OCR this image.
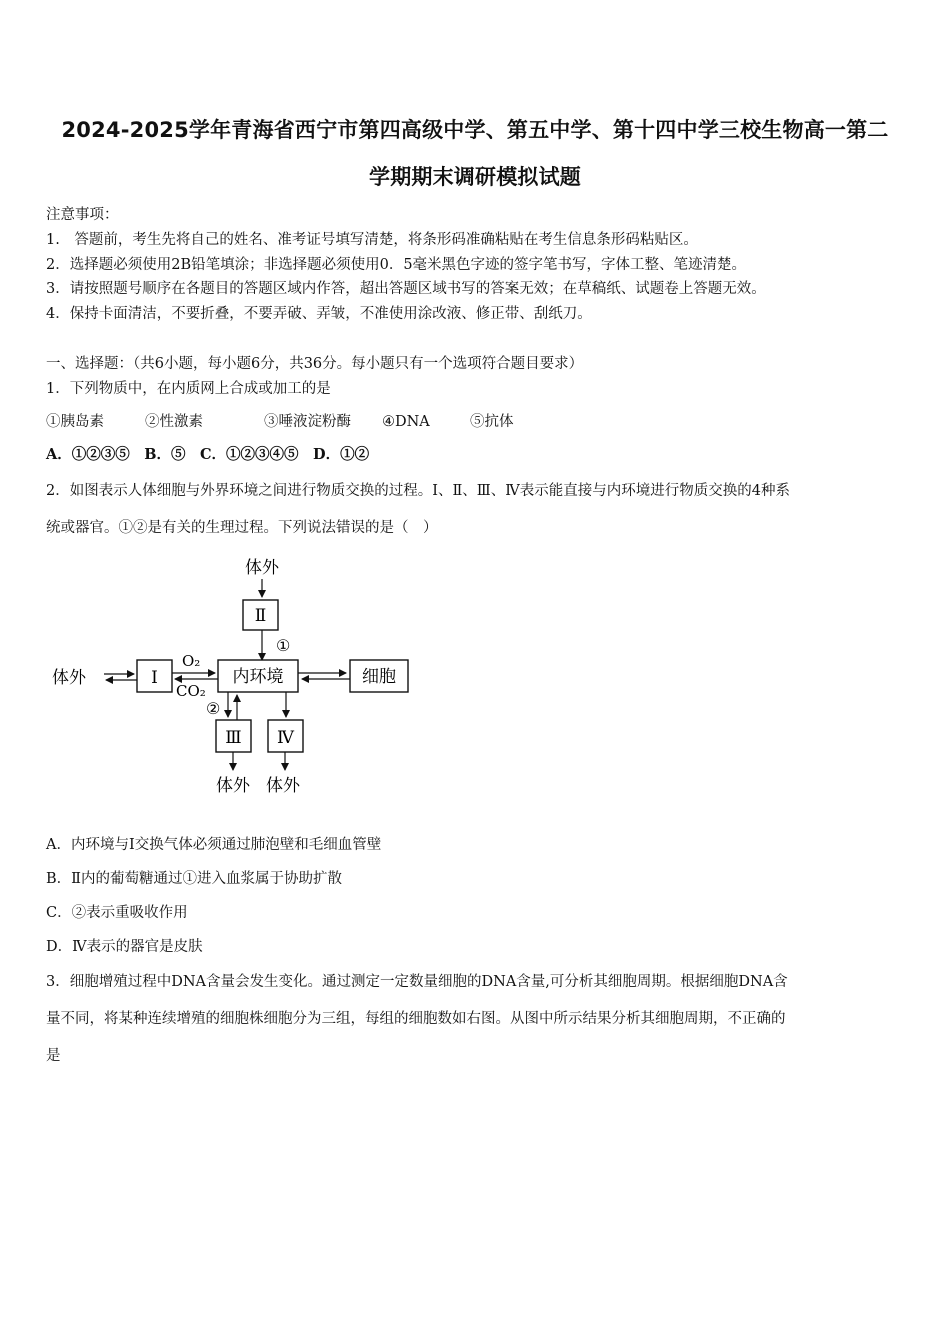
2024-2025学年青海省西宁市第四高级中学、第五中学、第十四中学三校生物高一第二
学期期末调研模拟试题
注意事项：
1.　答题前，考生先将自己的姓名、准考证号填写清楚，将条形码准确粘贴在考生信息条形码粘贴区。
2．选择题必须使用2B铅笔填涂；非选择题必须使用0．5毫米黑色字迹的签字笔书写，字体工整、笔迹清楚。
3．请按照题号顺序在各题目的答题区域内作答，超出答题区域书写的答案无效；在草稿纸、试题卷上答题无效。
4．保持卡面清洁，不要折叠，不要弄破、弄皱，不准使用涂改液、修正带、刮纸刀。
一、选择题：（共6小题，每小题6分，共36分。每小题只有一个选项符合题目要求）
1．下列物质中，在内质网上合成或加工的是
①胰岛素	②性激素	③唾液淀粉酶 ④DNA	⑤抗体
A．①②③⑤　B．⑤　C．①②③④⑤　D．①②
2．如图表示人体细胞与外界环境之间进行物质交换的过程。Ⅰ、Ⅱ、Ⅲ、Ⅳ表示能直接与内环境进行物质交换的4种系
统或器官。①②是有关的生理过程。下列说法错误的是（　）
体外
Ⅱ
①
体外	Ⅰ
O₂
CO₂
内环境	细胞
②
Ⅲ Ⅳ
体外 体外
A．内环境与Ⅰ交换气体必须通过肺泡壁和毛细血管壁
B．Ⅱ内的葡萄糖通过①进入血浆属于协助扩散
C．②表示重吸收作用
D．Ⅳ表示的器官是皮肤
3．细胞增殖过程中DNA含量会发生变化。通过测定一定数量细胞的DNA含量,可分析其细胞周期。根据细胞DNA含
量不同，将某种连续增殖的细胞株细胞分为三组，每组的细胞数如右图。从图中所示结果分析其细胞周期，不正确的
是
